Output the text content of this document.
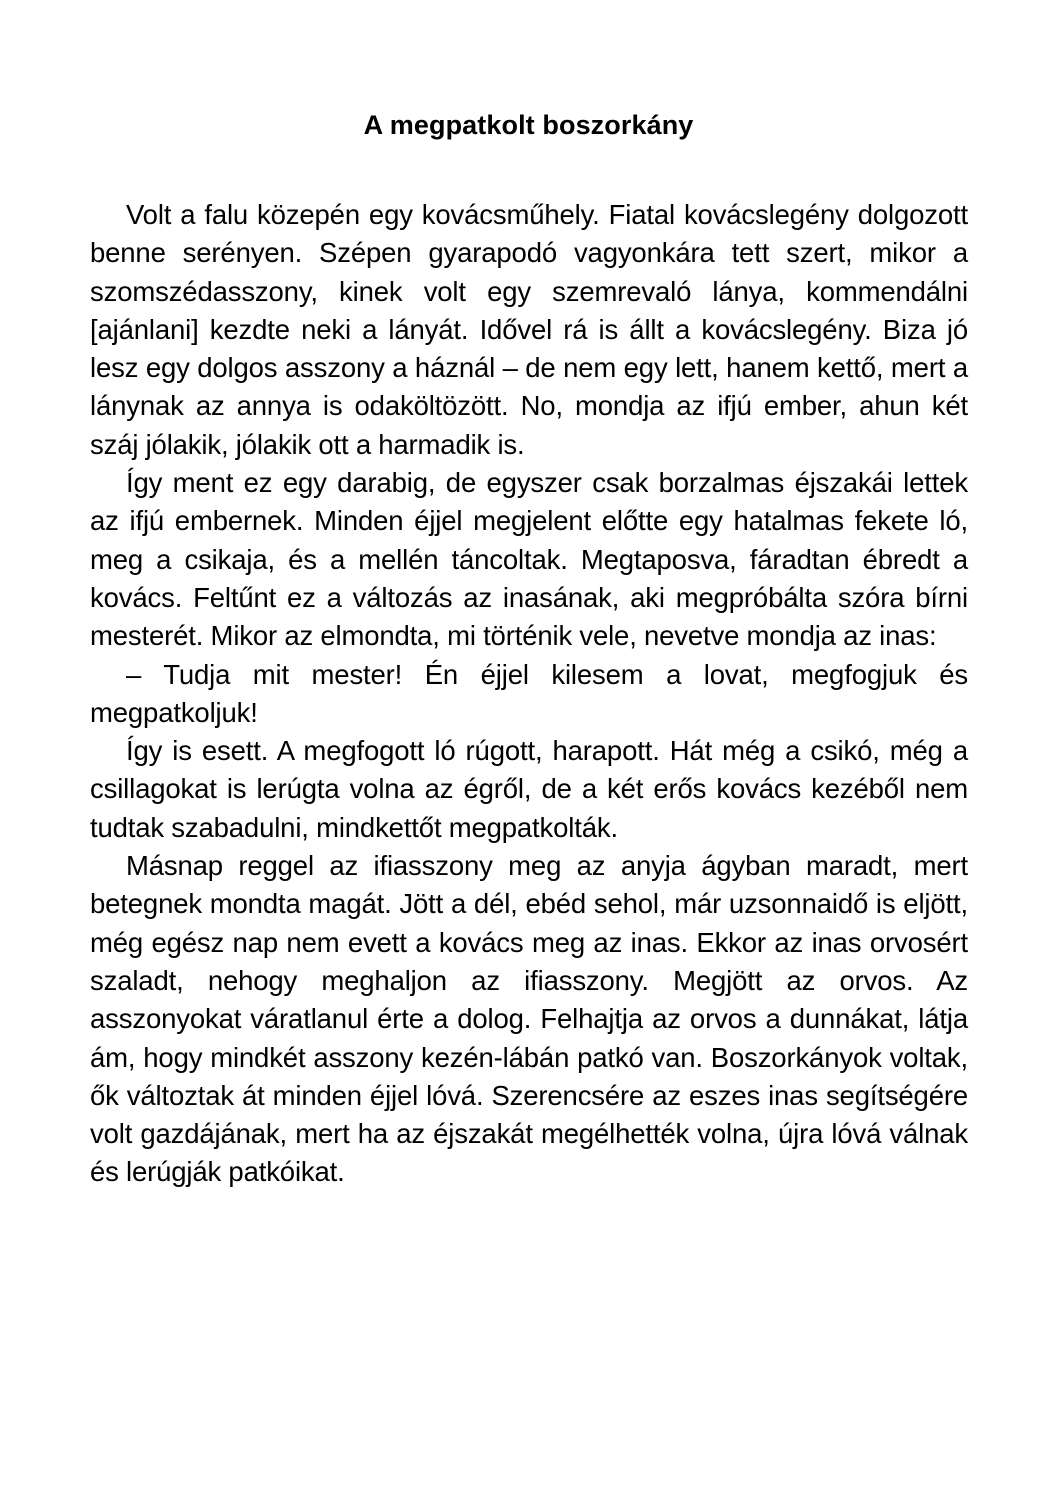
A megpatkolt boszorkány

Volt a falu közepén egy kovácsműhely. Fiatal kovácslegény dolgozott benne serényen. Szépen gyarapodó vagyonkára tett szert, mikor a szomszédasszony, kinek volt egy szemrevaló lánya, kommendálni [ajánlani] kezdte neki a lányát. Idővel rá is állt a kovácslegény. Biza jó lesz egy dolgos asszony a háznál – de nem egy lett, hanem kettő, mert a lánynak az annya is odaköltözött. No, mondja az ifjú ember, ahun két száj jólakik, jólakik ott a harmadik is.

Így ment ez egy darabig, de egyszer csak borzalmas éjszakái lettek az ifjú embernek. Minden éjjel megjelent előtte egy hatalmas fekete ló, meg a csikaja, és a mellén táncoltak. Megtaposva, fáradtan ébredt a kovács. Feltűnt ez a változás az inasának, aki megpróbálta szóra bírni mesterét. Mikor az elmondta, mi történik vele, nevetve mondja az inas:

– Tudja mit mester! Én éjjel kilesem a lovat, megfogjuk és megpatkoljuk!

Így is esett. A megfogott ló rúgott, harapott. Hát még a csikó, még a csillagokat is lerúgta volna az égről, de a két erős kovács kezéből nem tudtak szabadulni, mindkettőt megpatkolták.

Másnap reggel az ifiasszony meg az anyja ágyban maradt, mert betegnek mondta magát. Jött a dél, ebéd sehol, már uzsonnaidő is eljött, még egész nap nem evett a kovács meg az inas. Ekkor az inas orvosért szaladt, nehogy meghaljon az ifiasszony. Megjött az orvos. Az asszonyokat váratlanul érte a dolog. Felhajtja az orvos a dunnákat, látja ám, hogy mindkét asszony kezén-lábán patkó van. Boszorkányok voltak, ők változtak át minden éjjel lóvá. Szerencsére az eszes inas segítségére volt gazdájának, mert ha az éjszakát megélhették volna, újra lóvá válnak és lerúgják patkóikat.
